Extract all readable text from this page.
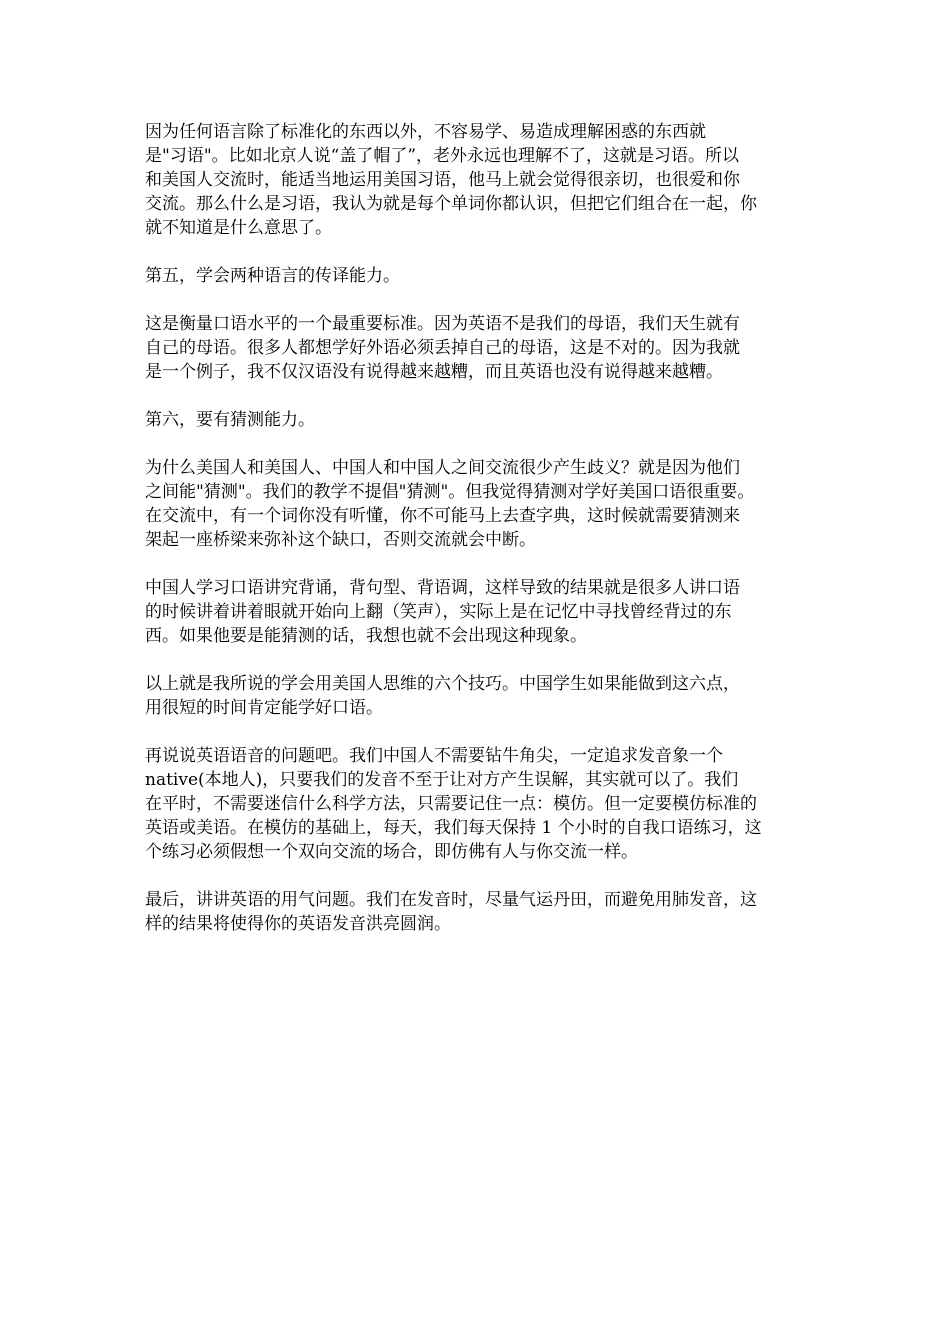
因为任何语言除了标准化的东西以外，不容易学、易造成理解困惑的东西就
是"习语"。比如北京人说“盖了帽了”，老外永远也理解不了，这就是习语。所以
和美国人交流时，能适当地运用美国习语，他马上就会觉得很亲切，也很爱和你
交流。那么什么是习语，我认为就是每个单词你都认识，但把它们组合在一起，你
就不知道是什么意思了。
第五，学会两种语言的传译能力。
这是衡量口语水平的一个最重要标准。因为英语不是我们的母语，我们天生就有
自己的母语。很多人都想学好外语必须丢掉自己的母语，这是不对的。因为我就
是一个例子，我不仅汉语没有说得越来越糟，而且英语也没有说得越来越糟。
第六，要有猜测能力。
为什么美国人和美国人、中国人和中国人之间交流很少产生歧义？就是因为他们
之间能"猜测"。我们的教学不提倡"猜测"。但我觉得猜测对学好美国口语很重要。
在交流中，有一个词你没有听懂，你不可能马上去查字典，这时候就需要猜测来
架起一座桥梁来弥补这个缺口，否则交流就会中断。
中国人学习口语讲究背诵，背句型、背语调，这样导致的结果就是很多人讲口语
的时候讲着讲着眼就开始向上翻（笑声），实际上是在记忆中寻找曾经背过的东
西。如果他要是能猜测的话，我想也就不会出现这种现象。
以上就是我所说的学会用美国人思维的六个技巧。中国学生如果能做到这六点，
用很短的时间肯定能学好口语。
再说说英语语音的问题吧。我们中国人不需要钻牛角尖，一定追求发音象一个
native(本地人)，只要我们的发音不至于让对方产生误解，其实就可以了。我们
在平时，不需要迷信什么科学方法，只需要记住一点：模仿。但一定要模仿标准的
英语或美语。在模仿的基础上，每天，我们每天保持 1 个小时的自我口语练习，这
个练习必须假想一个双向交流的场合，即仿佛有人与你交流一样。
最后，讲讲英语的用气问题。我们在发音时，尽量气运丹田，而避免用肺发音，这
样的结果将使得你的英语发音洪亮圆润。
